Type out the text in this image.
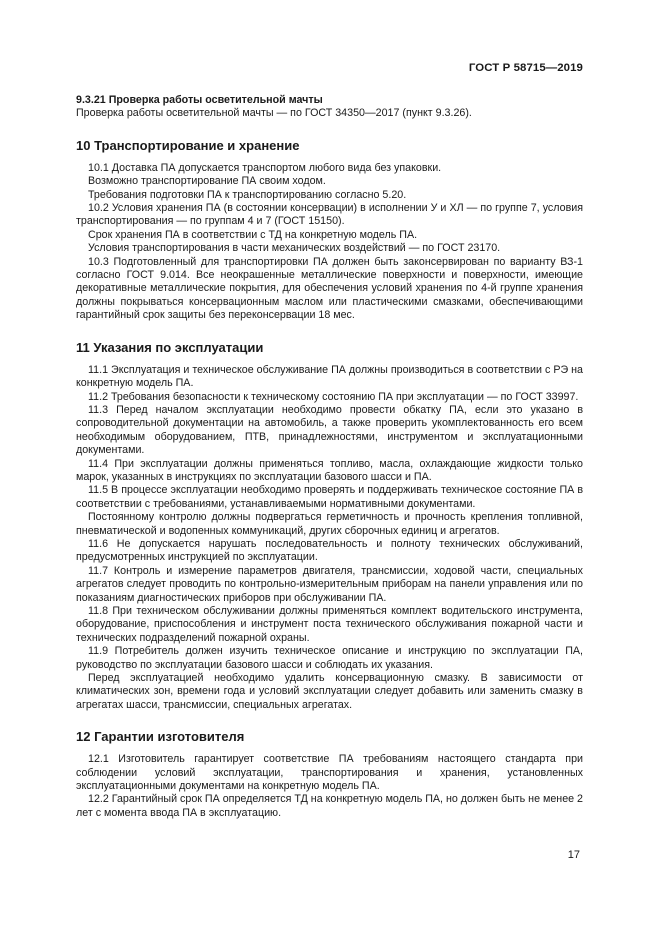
ГОСТ Р 58715—2019

9.3.21 Проверка работы осветительной мачты

Проверка работы осветительной мачты — по ГОСТ 34350—2017 (пункт 9.3.26).

10 Транспортирование и хранение

10.1 Доставка ПА допускается транспортом любого вида без упаковки.

Возможно транспортирование ПА своим ходом.

Требования подготовки ПА к транспортированию согласно 5.20.

10.2 Условия хранения ПА (в состоянии консервации) в исполнении У и ХЛ — по группе 7, условия транспортирования — по группам 4 и 7 (ГОСТ 15150).

Срок хранения ПА в соответствии с ТД на конкретную модель ПА.

Условия транспортирования в части механических воздействий — по ГОСТ 23170.

10.3 Подготовленный для транспортировки ПА должен быть законсервирован по варианту ВЗ-1 согласно ГОСТ 9.014. Все неокрашенные металлические поверхности и поверхности, имеющие декоративные металлические покрытия, для обеспечения условий хранения по 4-й группе хранения должны покрываться консервационным маслом или пластическими смазками, обеспечивающими гарантийный срок защиты без переконсервации 18 мес.

11 Указания по эксплуатации

11.1 Эксплуатация и техническое обслуживание ПА должны производиться в соответствии с РЭ на конкретную модель ПА.

11.2 Требования безопасности к техническому состоянию ПА при эксплуатации — по ГОСТ 33997.

11.3 Перед началом эксплуатации необходимо провести обкатку ПА, если это указано в сопроводительной документации на автомобиль, а также проверить укомплектованность его всем необходимым оборудованием, ПТВ, принадлежностями, инструментом и эксплуатационными документами.

11.4 При эксплуатации должны применяться топливо, масла, охлаждающие жидкости только марок, указанных в инструкциях по эксплуатации базового шасси и ПА.

11.5 В процессе эксплуатации необходимо проверять и поддерживать техническое состояние ПА в соответствии с требованиями, устанавливаемыми нормативными документами.

Постоянному контролю должны подвергаться герметичность и прочность крепления топливной, пневматической и водопенных коммуникаций, других сборочных единиц и агрегатов.

11.6 Не допускается нарушать последовательность и полноту технических обслуживаний, предусмотренных инструкцией по эксплуатации.

11.7 Контроль и измерение параметров двигателя, трансмиссии, ходовой части, специальных агрегатов следует проводить по контрольно-измерительным приборам на панели управления или по показаниям диагностических приборов при обслуживании ПА.

11.8 При техническом обслуживании должны применяться комплект водительского инструмента, оборудование, приспособления и инструмент поста технического обслуживания пожарной части и технических подразделений пожарной охраны.

11.9 Потребитель должен изучить техническое описание и инструкцию по эксплуатации ПА, руководство по эксплуатации базового шасси и соблюдать их указания.

Перед эксплуатацией необходимо удалить консервационную смазку. В зависимости от климатических зон, времени года и условий эксплуатации следует добавить или заменить смазку в агрегатах шасси, трансмиссии, специальных агрегатах.

12 Гарантии изготовителя

12.1 Изготовитель гарантирует соответствие ПА требованиям настоящего стандарта при соблюдении условий эксплуатации, транспортирования и хранения, установленных эксплуатационными документами на конкретную модель ПА.

12.2 Гарантийный срок ПА определяется ТД на конкретную модель ПА, но должен быть не менее 2 лет с момента ввода ПА в эксплуатацию.

17
